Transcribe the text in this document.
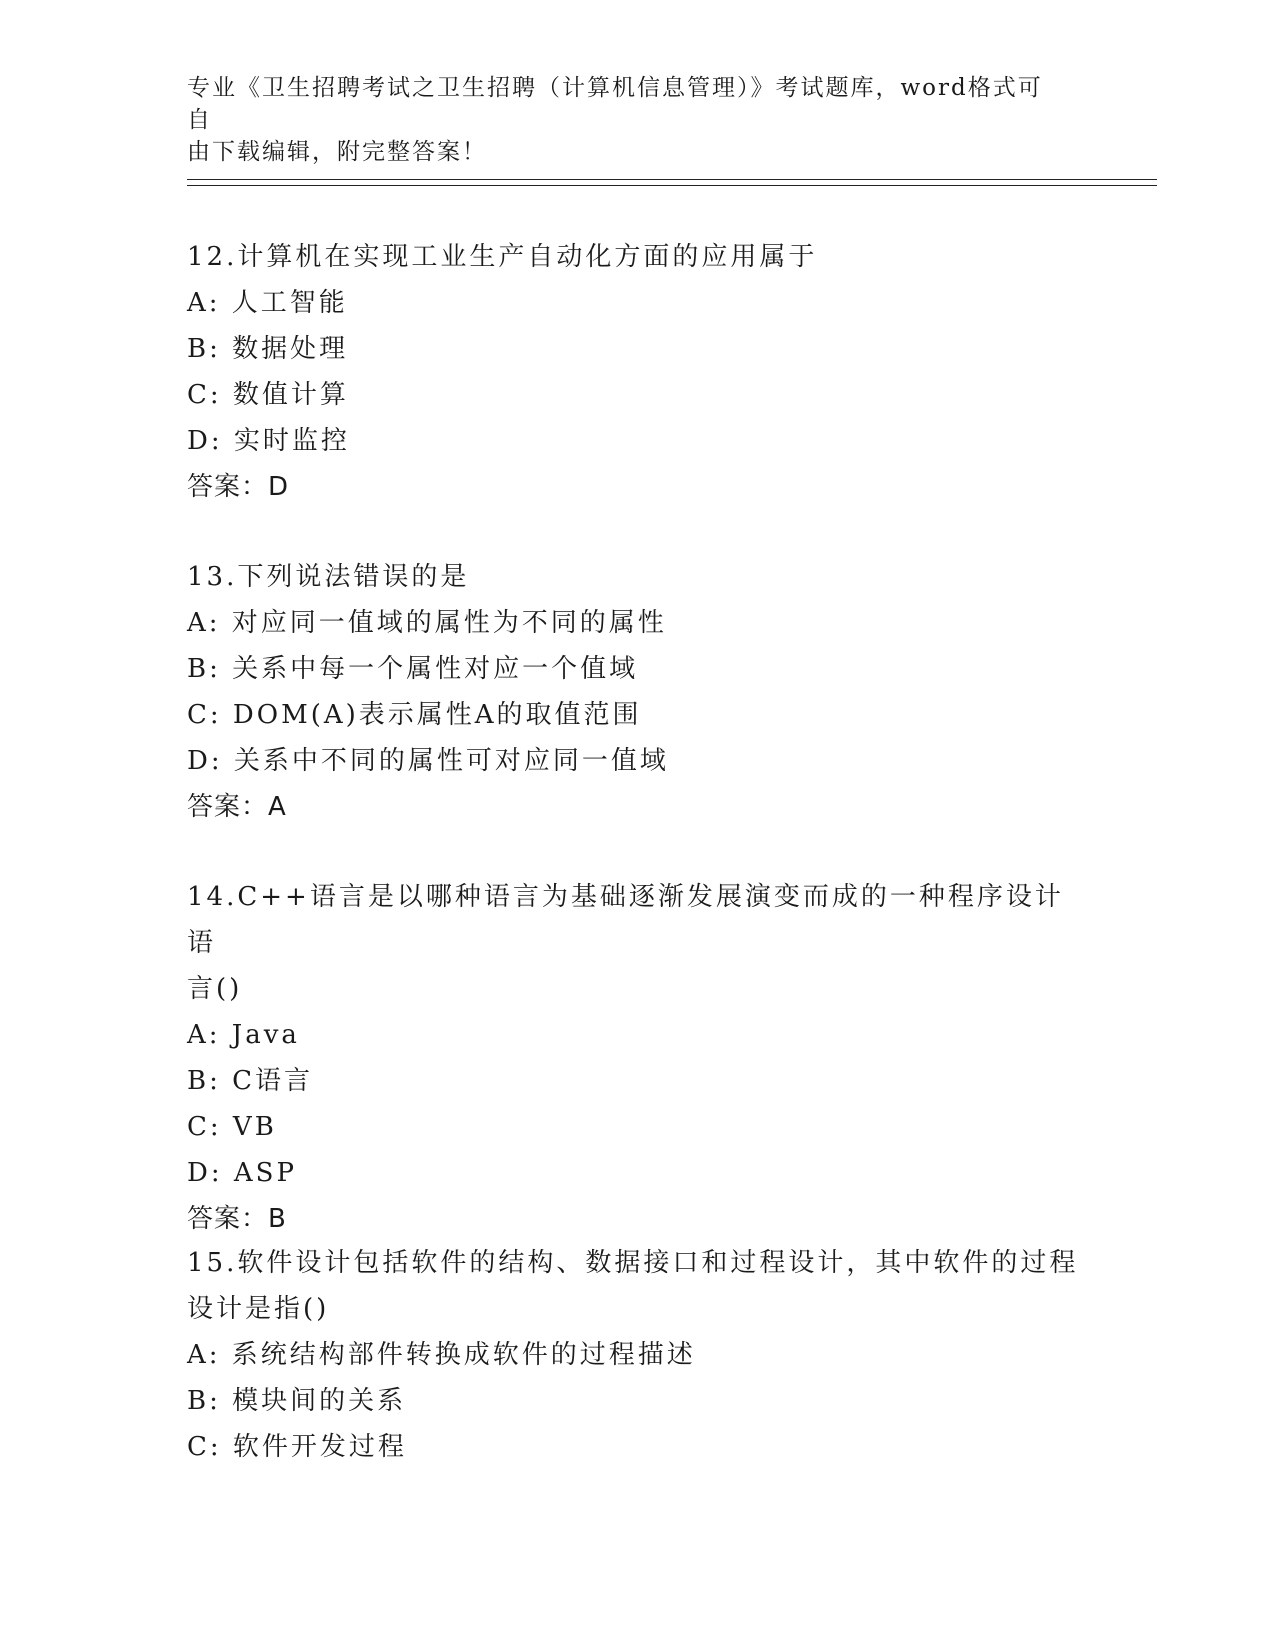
专业《卫生招聘考试之卫生招聘（计算机信息管理）》考试题库，word格式可自
由下载编辑，附完整答案！
12.计算机在实现工业生产自动化方面的应用属于
A: 人工智能
B: 数据处理
C: 数值计算
D: 实时监控
答案：D
13.下列说法错误的是
A: 对应同一值域的属性为不同的属性
B: 关系中每一个属性对应一个值域
C: DOM(A)表示属性A的取值范围
D: 关系中不同的属性可对应同一值域
答案：A
14.C++语言是以哪种语言为基础逐渐发展演变而成的一种程序设计语
言()
A: Java
B: C语言
C: VB
D: ASP
答案：B
15.软件设计包括软件的结构、数据接口和过程设计，其中软件的过程
设计是指()
A: 系统结构部件转换成软件的过程描述
B: 模块间的关系
C: 软件开发过程
